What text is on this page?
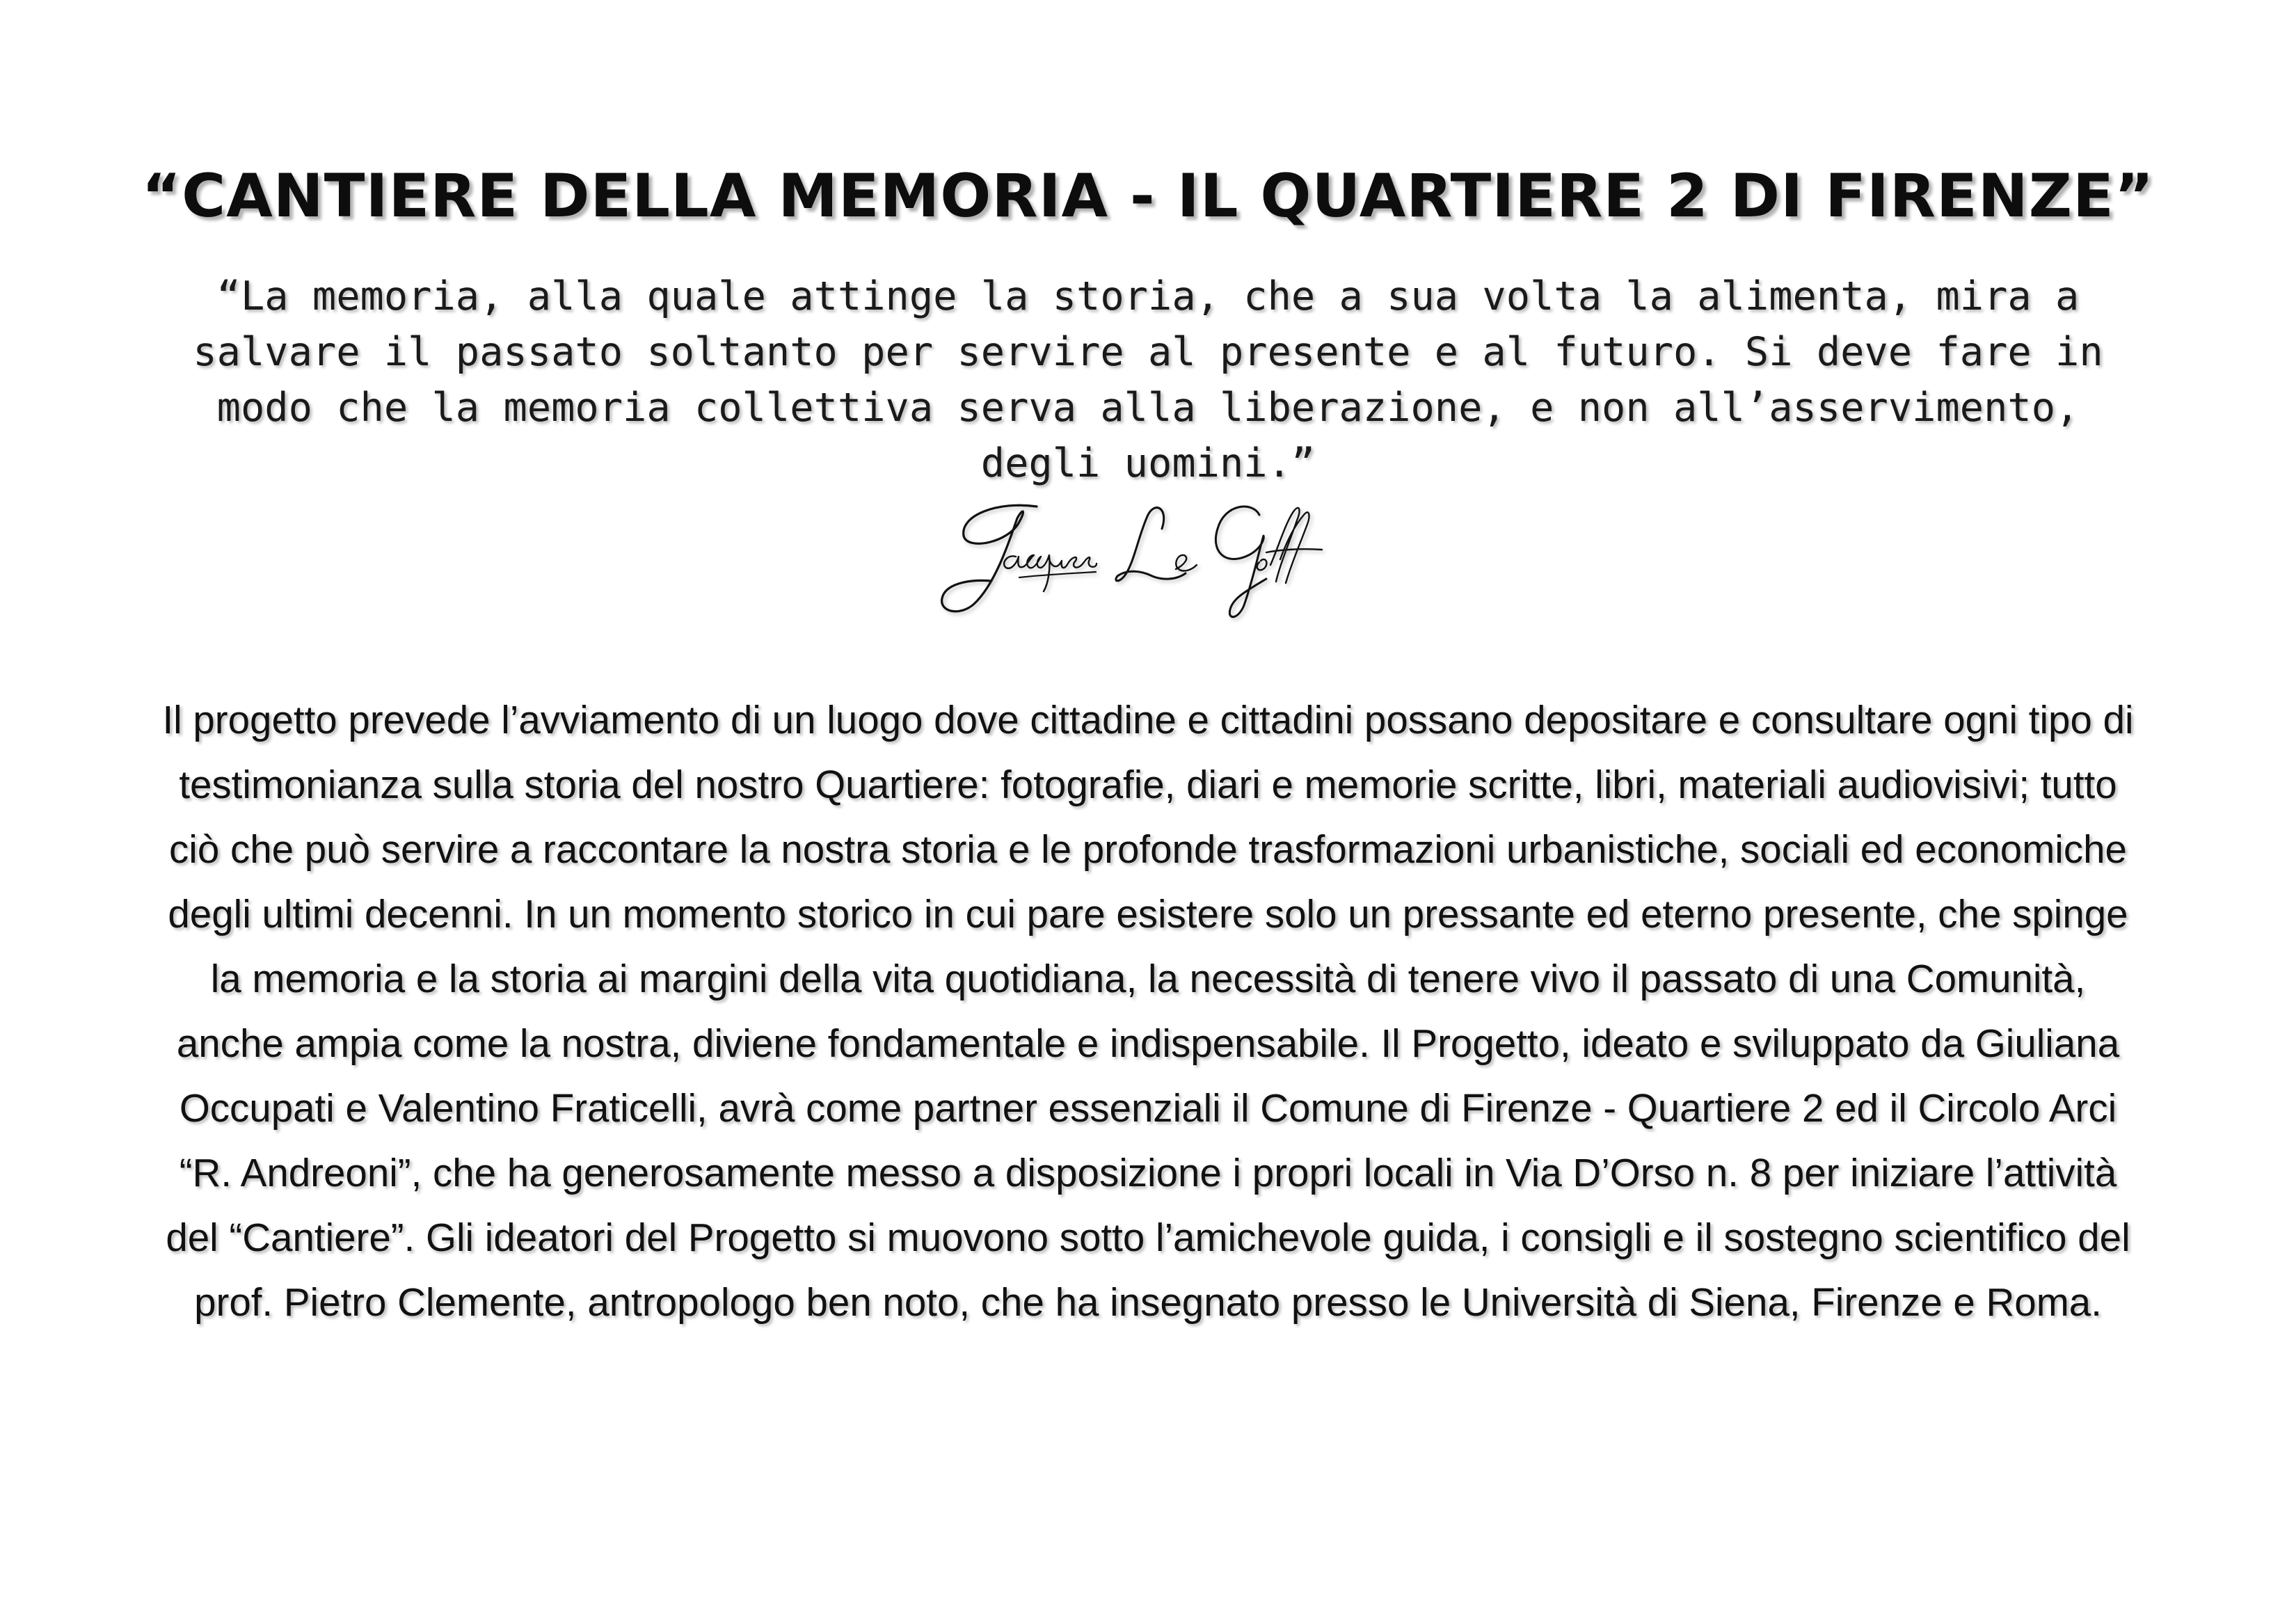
“CANTIERE DELLA MEMORIA - IL QUARTIERE 2 DI FIRENZE”
“La memoria, alla quale attinge la storia, che a sua volta la alimenta, mira a salvare il passato soltanto per servire al presente e al futuro. Si deve fare in modo che la memoria collettiva serva alla liberazione, e non all’asservimento, degli uomini.”
Il progetto prevede l’avviamento di un luogo dove cittadine e cittadini possano depositare e consultare ogni tipo di testimonianza sulla storia del nostro Quartiere: fotografie, diari e memorie scritte, libri, materiali audiovisivi; tutto ciò che può servire a raccontare la nostra storia e le profonde trasformazioni urbanistiche, sociali ed economiche degli ultimi decenni. In un momento storico in cui pare esistere solo un pressante ed eterno presente, che spinge la memoria e la storia ai margini della vita quotidiana, la necessità di tenere vivo il passato di una Comunità, anche ampia come la nostra, diviene fondamentale e indispensabile. Il Progetto, ideato e sviluppato da Giuliana Occupati e Valentino Fraticelli, avrà come partner essenziali il Comune di Firenze - Quartiere 2 ed il Circolo Arci “R. Andreoni”, che ha generosamente messo a disposizione i propri locali in Via D’Orso n. 8 per iniziare l’attività del “Cantiere”. Gli ideatori del Progetto si muovono sotto l’amichevole guida, i consigli e il sostegno scientifico del prof. Pietro Clemente, antropologo ben noto, che ha insegnato presso le Università di Siena, Firenze e Roma.
